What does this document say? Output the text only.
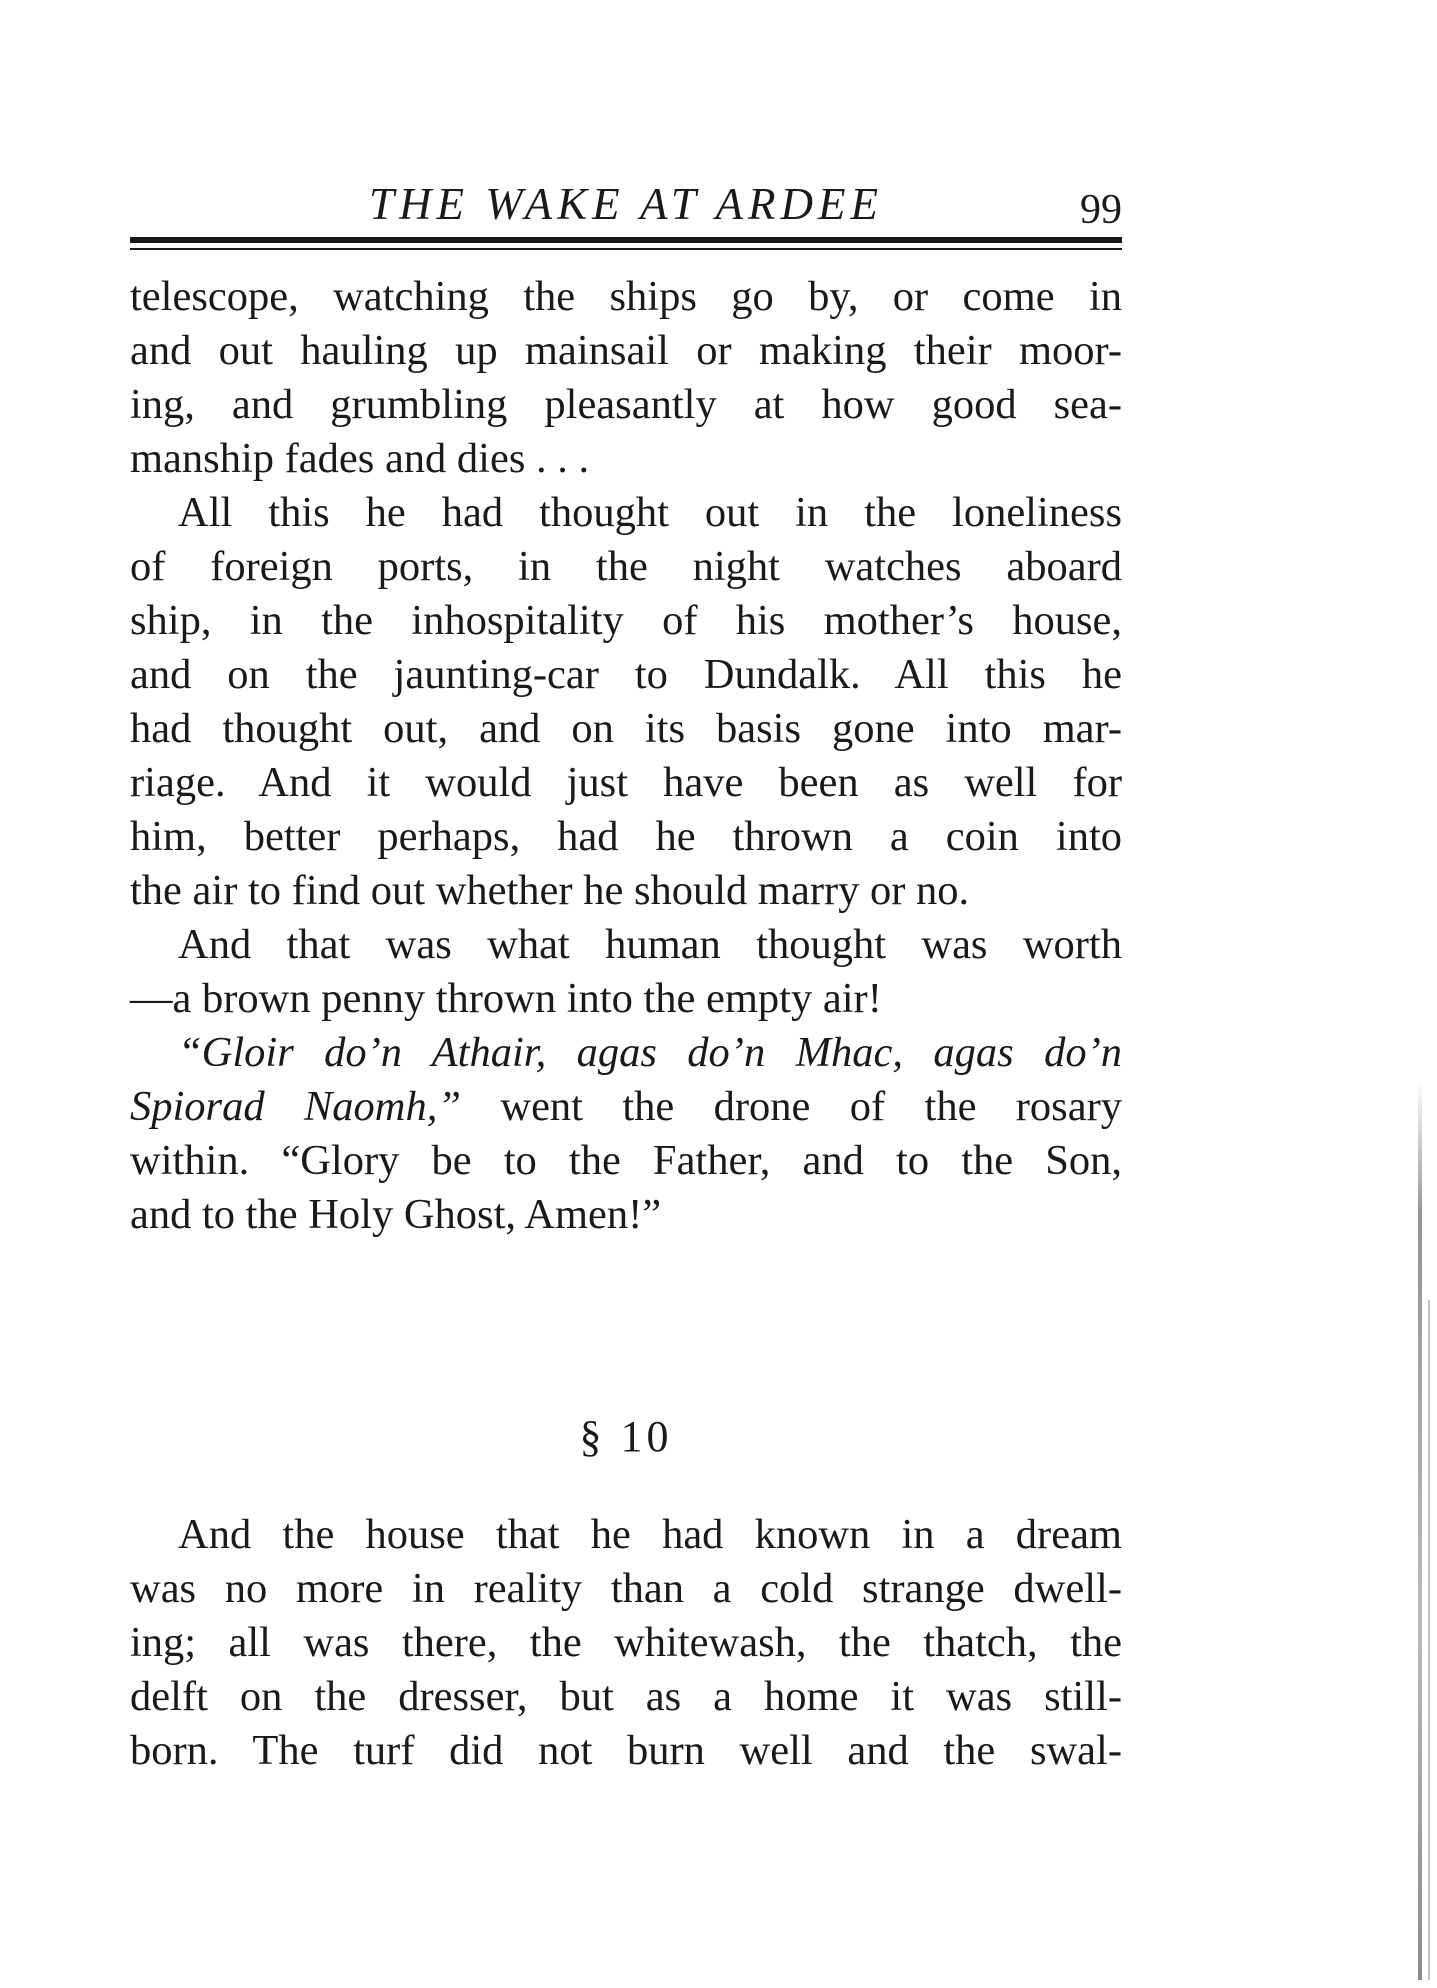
THE WAKE AT ARDEE	99
telescope, watching the ships go by, or come in
and out hauling up mainsail or making their moor-
ing, and grumbling pleasantly at how good sea-
manship fades and dies . . .
All this he had thought out in the loneliness
of foreign ports, in the night watches aboard
ship, in the inhospitality of his mother’s house,
and on the jaunting-car to Dundalk. All this he
had thought out, and on its basis gone into mar-
riage. And it would just have been as well for
him, better perhaps, had he thrown a coin into
the air to find out whether he should marry or no.
And that was what human thought was worth
—a brown penny thrown into the empty air!
“Gloir do’n Athair, agas do’n Mhac, agas do’n
Spiorad Naomh,” went the drone of the rosary
within. “Glory be to the Father, and to the Son,
and to the Holy Ghost, Amen!”
§ 10
And the house that he had known in a dream
was no more in reality than a cold strange dwell-
ing; all was there, the whitewash, the thatch, the
delft on the dresser, but as a home it was still-
born. The turf did not burn well and the swal-
